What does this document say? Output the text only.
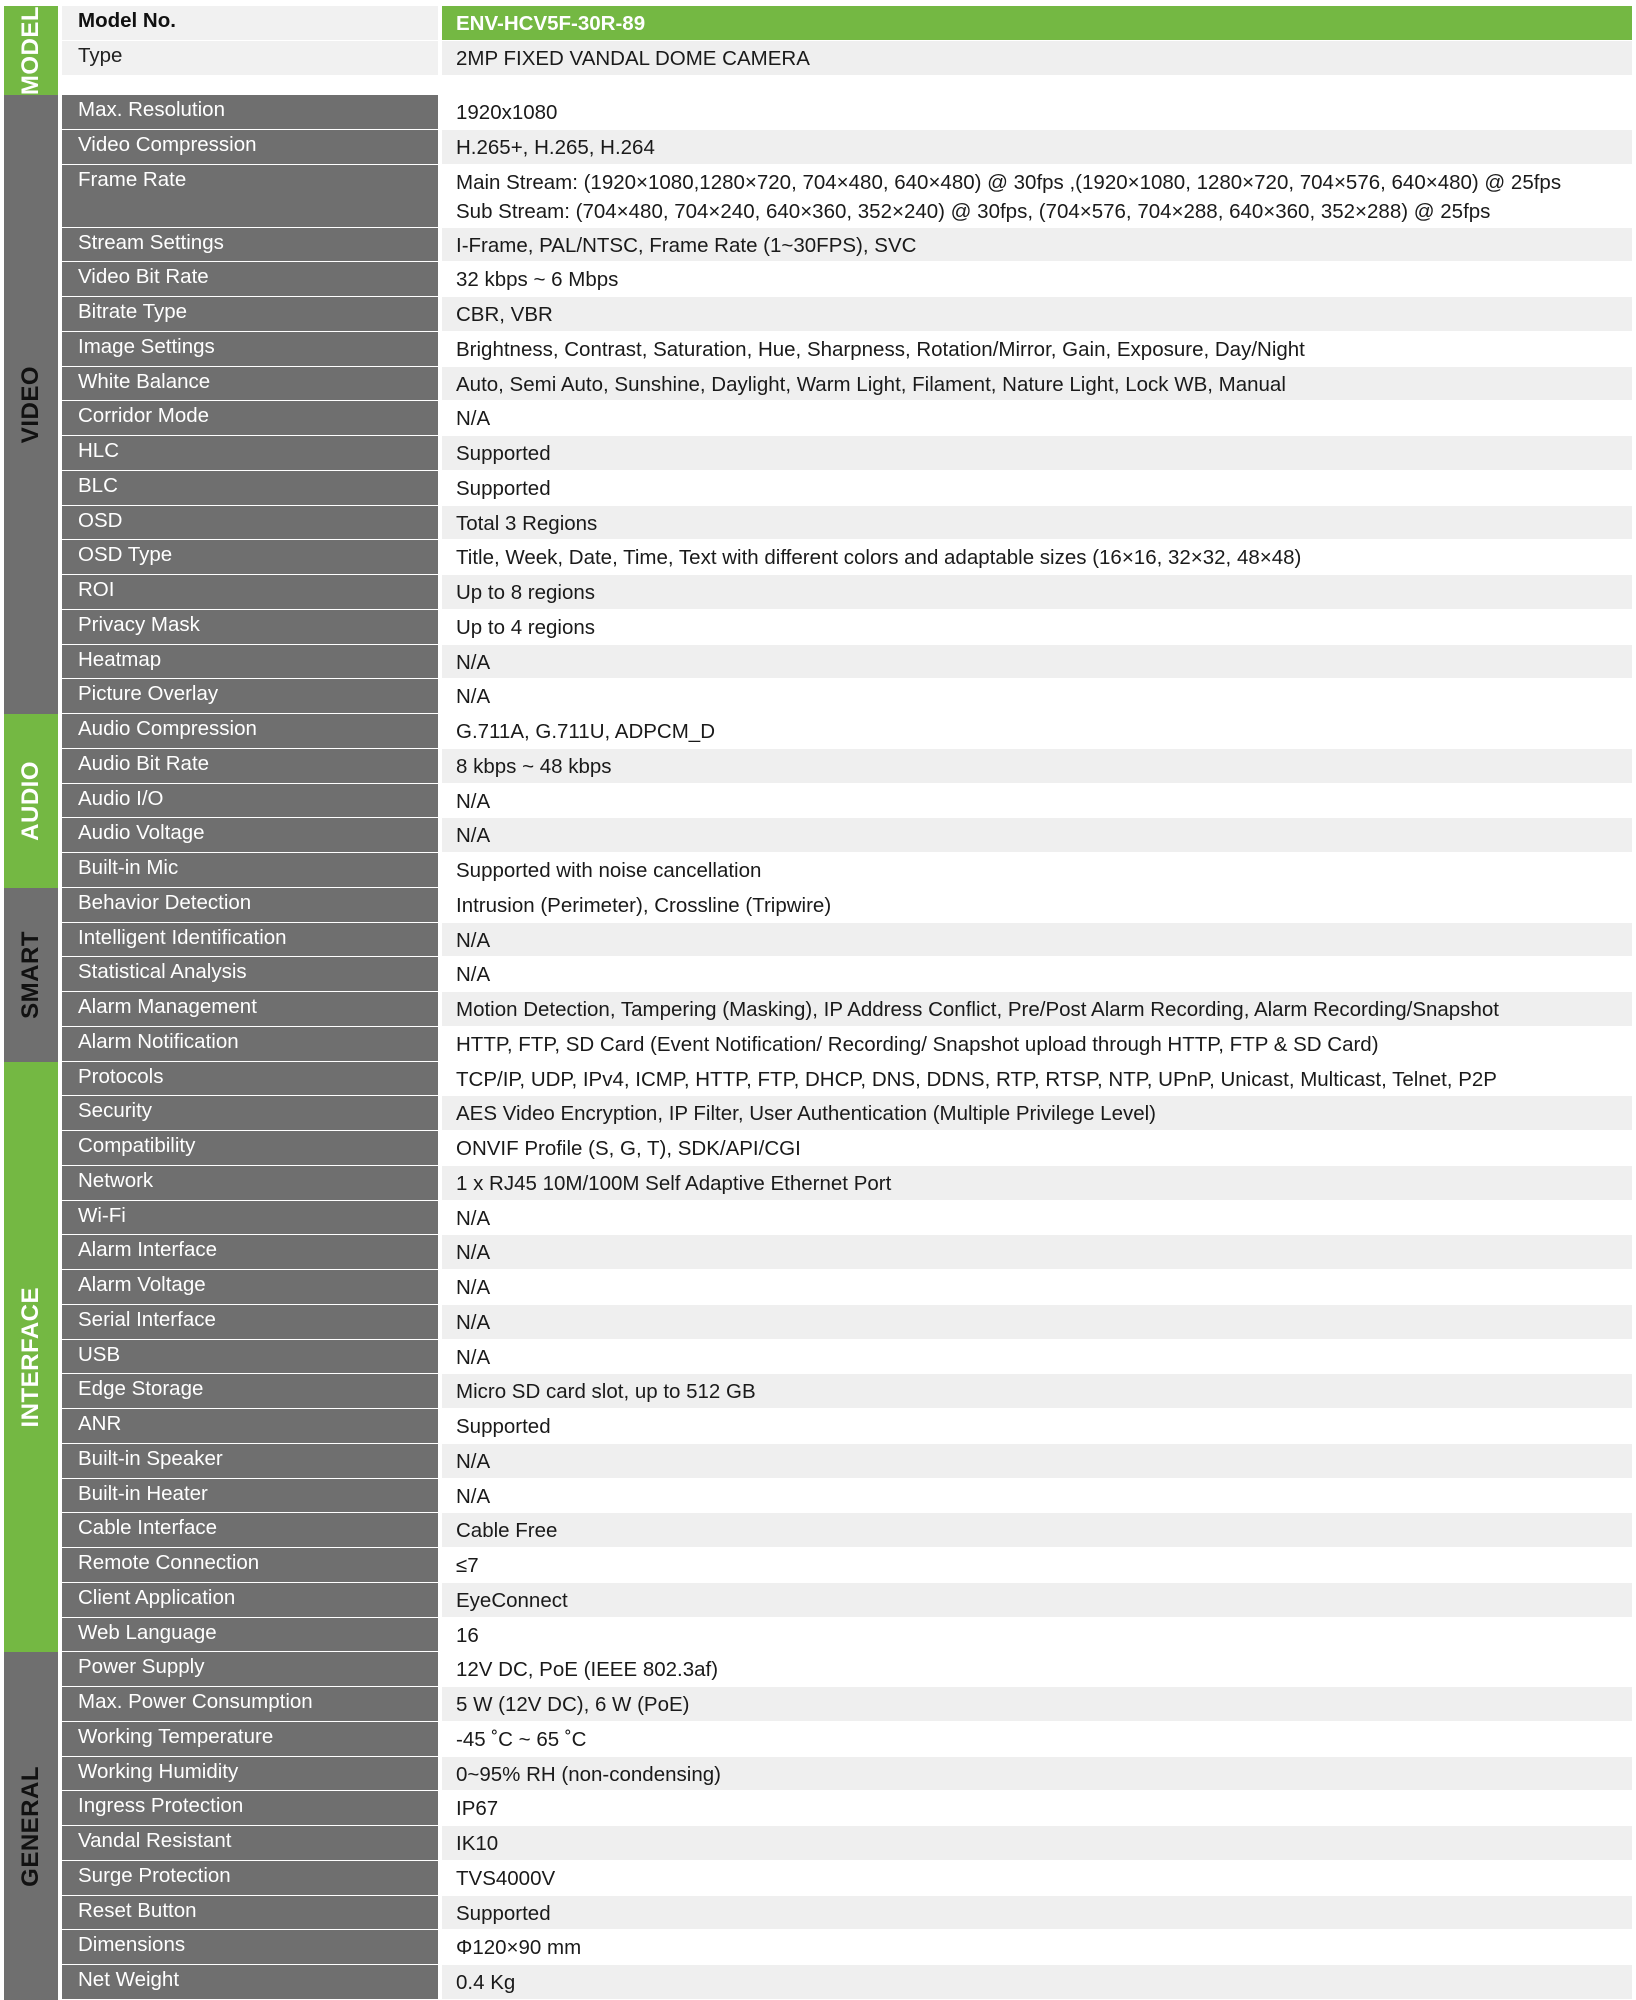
MODEL	Model No.	ENV-HCV5F-30R-89
Type	2MP FIXED VANDAL DOME CAMERA
VIDEO
Max. Resolution	1920x1080
Video Compression	H.265+, H.265, H.264
Frame Rate	Main Stream: (1920×1080,1280×720, 704×480, 640×480) @ 30fps ,(1920×1080, 1280×720, 704×576, 640×480) @ 25fps
Sub Stream: (704×480, 704×240, 640×360, 352×240) @ 30fps, (704×576, 704×288, 640×360, 352×288) @ 25fps
Stream Settings	I-Frame, PAL/NTSC, Frame Rate (1~30FPS), SVC
Video Bit Rate	32 kbps ~ 6 Mbps
Bitrate Type	CBR, VBR
Image Settings	Brightness, Contrast, Saturation, Hue, Sharpness, Rotation/Mirror, Gain, Exposure, Day/Night
White Balance	Auto, Semi Auto, Sunshine, Daylight, Warm Light, Filament, Nature Light, Lock WB, Manual
Corridor Mode	N/A
HLC	Supported
BLC	Supported
OSD	Total 3 Regions
OSD Type	Title, Week, Date, Time, Text with different colors and adaptable sizes (16×16, 32×32, 48×48)
ROI	Up to 8 regions
Privacy Mask	Up to 4 regions
Heatmap	N/A
Picture Overlay	N/A
AUDIO
Audio Compression	G.711A, G.711U, ADPCM_D
Audio Bit Rate	8 kbps ~ 48 kbps
Audio I/O	N/A
Audio Voltage	N/A
Built-in Mic	Supported with noise cancellation
SMART
Behavior Detection	Intrusion (Perimeter), Crossline (Tripwire)
Intelligent Identification	N/A
Statistical Analysis	N/A
Alarm Management	Motion Detection, Tampering (Masking), IP Address Conflict, Pre/Post Alarm Recording, Alarm Recording/Snapshot
Alarm Notification	HTTP, FTP, SD Card (Event Notification/ Recording/ Snapshot upload through HTTP, FTP & SD Card)
INTERFACE
Protocols	TCP/IP, UDP, IPv4, ICMP, HTTP, FTP, DHCP, DNS, DDNS, RTP, RTSP, NTP, UPnP, Unicast, Multicast, Telnet, P2P
Security	AES Video Encryption, IP Filter, User Authentication (Multiple Privilege Level)
Compatibility	ONVIF Profile (S, G, T), SDK/API/CGI
Network	1 x RJ45 10M/100M Self Adaptive Ethernet Port
Wi-Fi	N/A
Alarm Interface	N/A
Alarm Voltage	N/A
Serial Interface	N/A
USB	N/A
Edge Storage	Micro SD card slot, up to 512 GB
ANR	Supported
Built-in Speaker	N/A
Built-in Heater	N/A
Cable Interface	Cable Free
Remote Connection	≤7
Client Application	EyeConnect
Web Language	16
GENERAL
Power Supply	12V DC, PoE (IEEE 802.3af)
Max. Power Consumption	5 W (12V DC), 6 W (PoE)
Working Temperature	-45 ˚C ~ 65 ˚C
Working Humidity	0~95% RH (non-condensing)
Ingress Protection	IP67
Vandal Resistant	IK10
Surge Protection	TVS4000V
Reset Button	Supported
Dimensions	Φ120×90 mm
Net Weight	0.4 Kg
